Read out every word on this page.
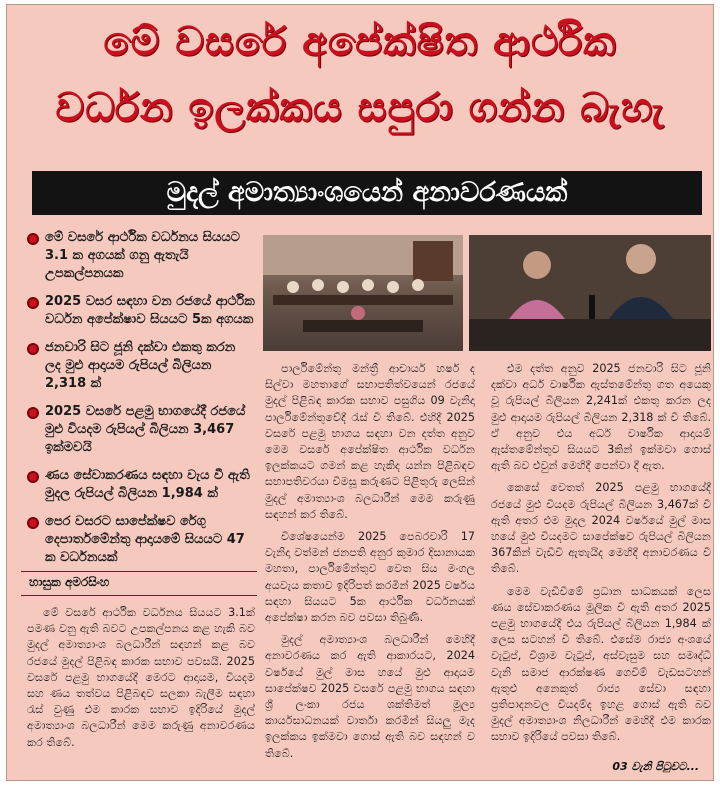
මේ වසරේ අපේක්ෂිත ආර්ථික
වර්ධන ඉලක්කය සපුරා ගන්න බැහැ
මුදල් අමාත්‍යාංශයෙන් අනාවරණයක්
මේ වසරේ ආර්ථික වර්ධනය සියයට 3.1 ක අගයක් ගනු ඇතැයි උපකල්පනයක
2025 වසර සඳහා වන රජයේ ආර්ථික වර්ධන අපේක්ෂාව සියයට 5ක අගයක
ජනවාරි සිට ජූනි දක්වා එකතු කරන ලද මුළු ආදායම රුපියල් බිලියන 2,318 ක්
2025 වසරේ පළමු භාගයේදී රජයේ මුළු වියදම රුපියල් බිලියන 3,467 ඉක්මවයි
ණය සේවාකරණය සඳහා වැය වී ඇති මුදල රුපියල් බිලියන 1,984 ක්
පෙර වසරට සාපේක්ෂව රේගු දෙපාර්තමේන්තු ආදායමේ සියයට 47 ක වර්ධනයක්
හාසුක අමරසිංහ

මේ වසරේ ආර්ථික වර්ධනය සියයට 3.1ක් පමණ වනු ඇති බවට උපකල්පනය කළ හැකි බව මුදල් අමාත්‍යාංශ බලධාරීන් සඳහන් කළ බව රජයේ මුදල් පිළිබඳ කාරක සභාව පවසයි. 2025 වසරේ පළමු භාගයේදී මෙරට ආදායම, වියදම සහ ණය තත්වය පිළිබඳව සලකා බැලීම සඳහා රැස් වුණු එම කාරක සභාව ඉදිරියේ මුදල් අමාත්‍යාංශ බලධාරීන් මෙම කරුණු අනාවරණය කර තිබේ.

පාර්ලිමේන්තු මන්ත්‍රී ආචාර්ය හර්ෂ ද සිල්වා මහතාගේ සභාපතිත්වයෙන් රජයේ මුදල් පිළිබඳ කාරක සභාව පසුගිය 09 වැනිදා පාර්ලිමේන්තුවේදී රැස් වී තිබේ. එහිදී 2025 වසරේ පළමු භාගය සඳහා වන දත්ත අනුව මෙම වසරේ අපේක්ෂිත ආර්ථික වර්ධන ඉලක්කයට ගමන් කළ හැකිද යන්න පිළිබඳව සභාපතිවරයා විමසූ කරුණට පිළිතුරු ලෙසින් මුදල් අමාත්‍යාංශ බලධාරීන් මෙම කරුණු සඳහන් කර තිබේ.

විශේෂයෙන්ම 2025 පෙබරවාරි 17 වැනිදා වත්මන් ජනපති අනුර කුමාර දිසානායක මහතා, පාර්ලිමේන්තුව වෙත සිය මංගල අයවැය කතාව ඉදිරිපත් කරමින් 2025 වර්ෂය සඳහා සියයට 5ක ආර්ථික වර්ධනයක් අපේක්ෂා කරන බව පවසා තිබුණි.

මුදල් අමාත්‍යාංශ බලධාරීන් මෙහිදී අනාවරණය කර ඇති ආකාරයට, 2024 වර්ෂයේ මුල් මාස හයේ මුළු ආදායම සාපේක්ෂව 2025 වසරේ පළමු භාගය සඳහා ශ්‍රී ලංකා රජය ශක්තිමත් මූල්‍ය කාර්යසාධනයක් වාර්තා කරමින් සියලු මැද ඉලක්කය ඉක්මවා ගොස් ඇති බව සඳහන් ව තිබේ.

එම දත්ත අනුව 2025 ජනවාරි සිට ජූනි දක්වා අර්ධ වාර්ෂික ඇස්තමේන්තු ගත අයෙකු වූ රුපියල් බිලියන 2,241ක් එකතු කරන ලද මුළු ආදායම රුපියල් බිලියන 2,318 ක් වී තිබේ. ඒ අනුව එය අර්ධ වාර්ෂික ආදායම් ඇස්තමේන්තුව සියයට 3කින් ඉක්මවා ගොස් ඇති බව එවුන් මෙහිදී පෙන්වා දී ඇත.

කෙසේ වෙතත් 2025 පළමු භාගයේදී රජයේ මුළු වියදම රුපියල් බිලියන 3,467ක් වී ඇති අතර එම මුදල 2024 වර්ෂයේ මුල් මාස හයේ මුළු වියදමට සාපේක්ෂව රුපියල් බිලියන 367කින් වැඩිවී ඇතැයිද මෙහිදී අනාවරණය වී තිබේ.

මෙම වැඩිවීමේ ප්‍රධාන සාධකයක් ලෙස ණය සේවාකරණය මූලික වී ඇති අතර 2025 පළමු භාගයේදී එය රුපියල් බිලියන 1,984 ක් ලෙස සටහන් වී තිබේ. එසේම රාජ්‍ය අංශයේ වැටුප්, විශ්‍රාම වැටුප්, අස්වැසුම සහ සමෘද්ධි වැනි සමාජ ආරක්ෂණ ගෙවීම් වැඩසටහන් ඇතුළු අනෙකුත් රාජ්‍ය සේවා සඳහා ප්‍රතිපාදනවල වියදම්ද ඉහළ ගොස් ඇති බව මුදල් අමාත්‍යාංශ නිලධාරීන් මෙහිදී එම කාරක සභාව ඉදිරියේ පවසා තිබේ.

03 වැනි පිටුවට...
